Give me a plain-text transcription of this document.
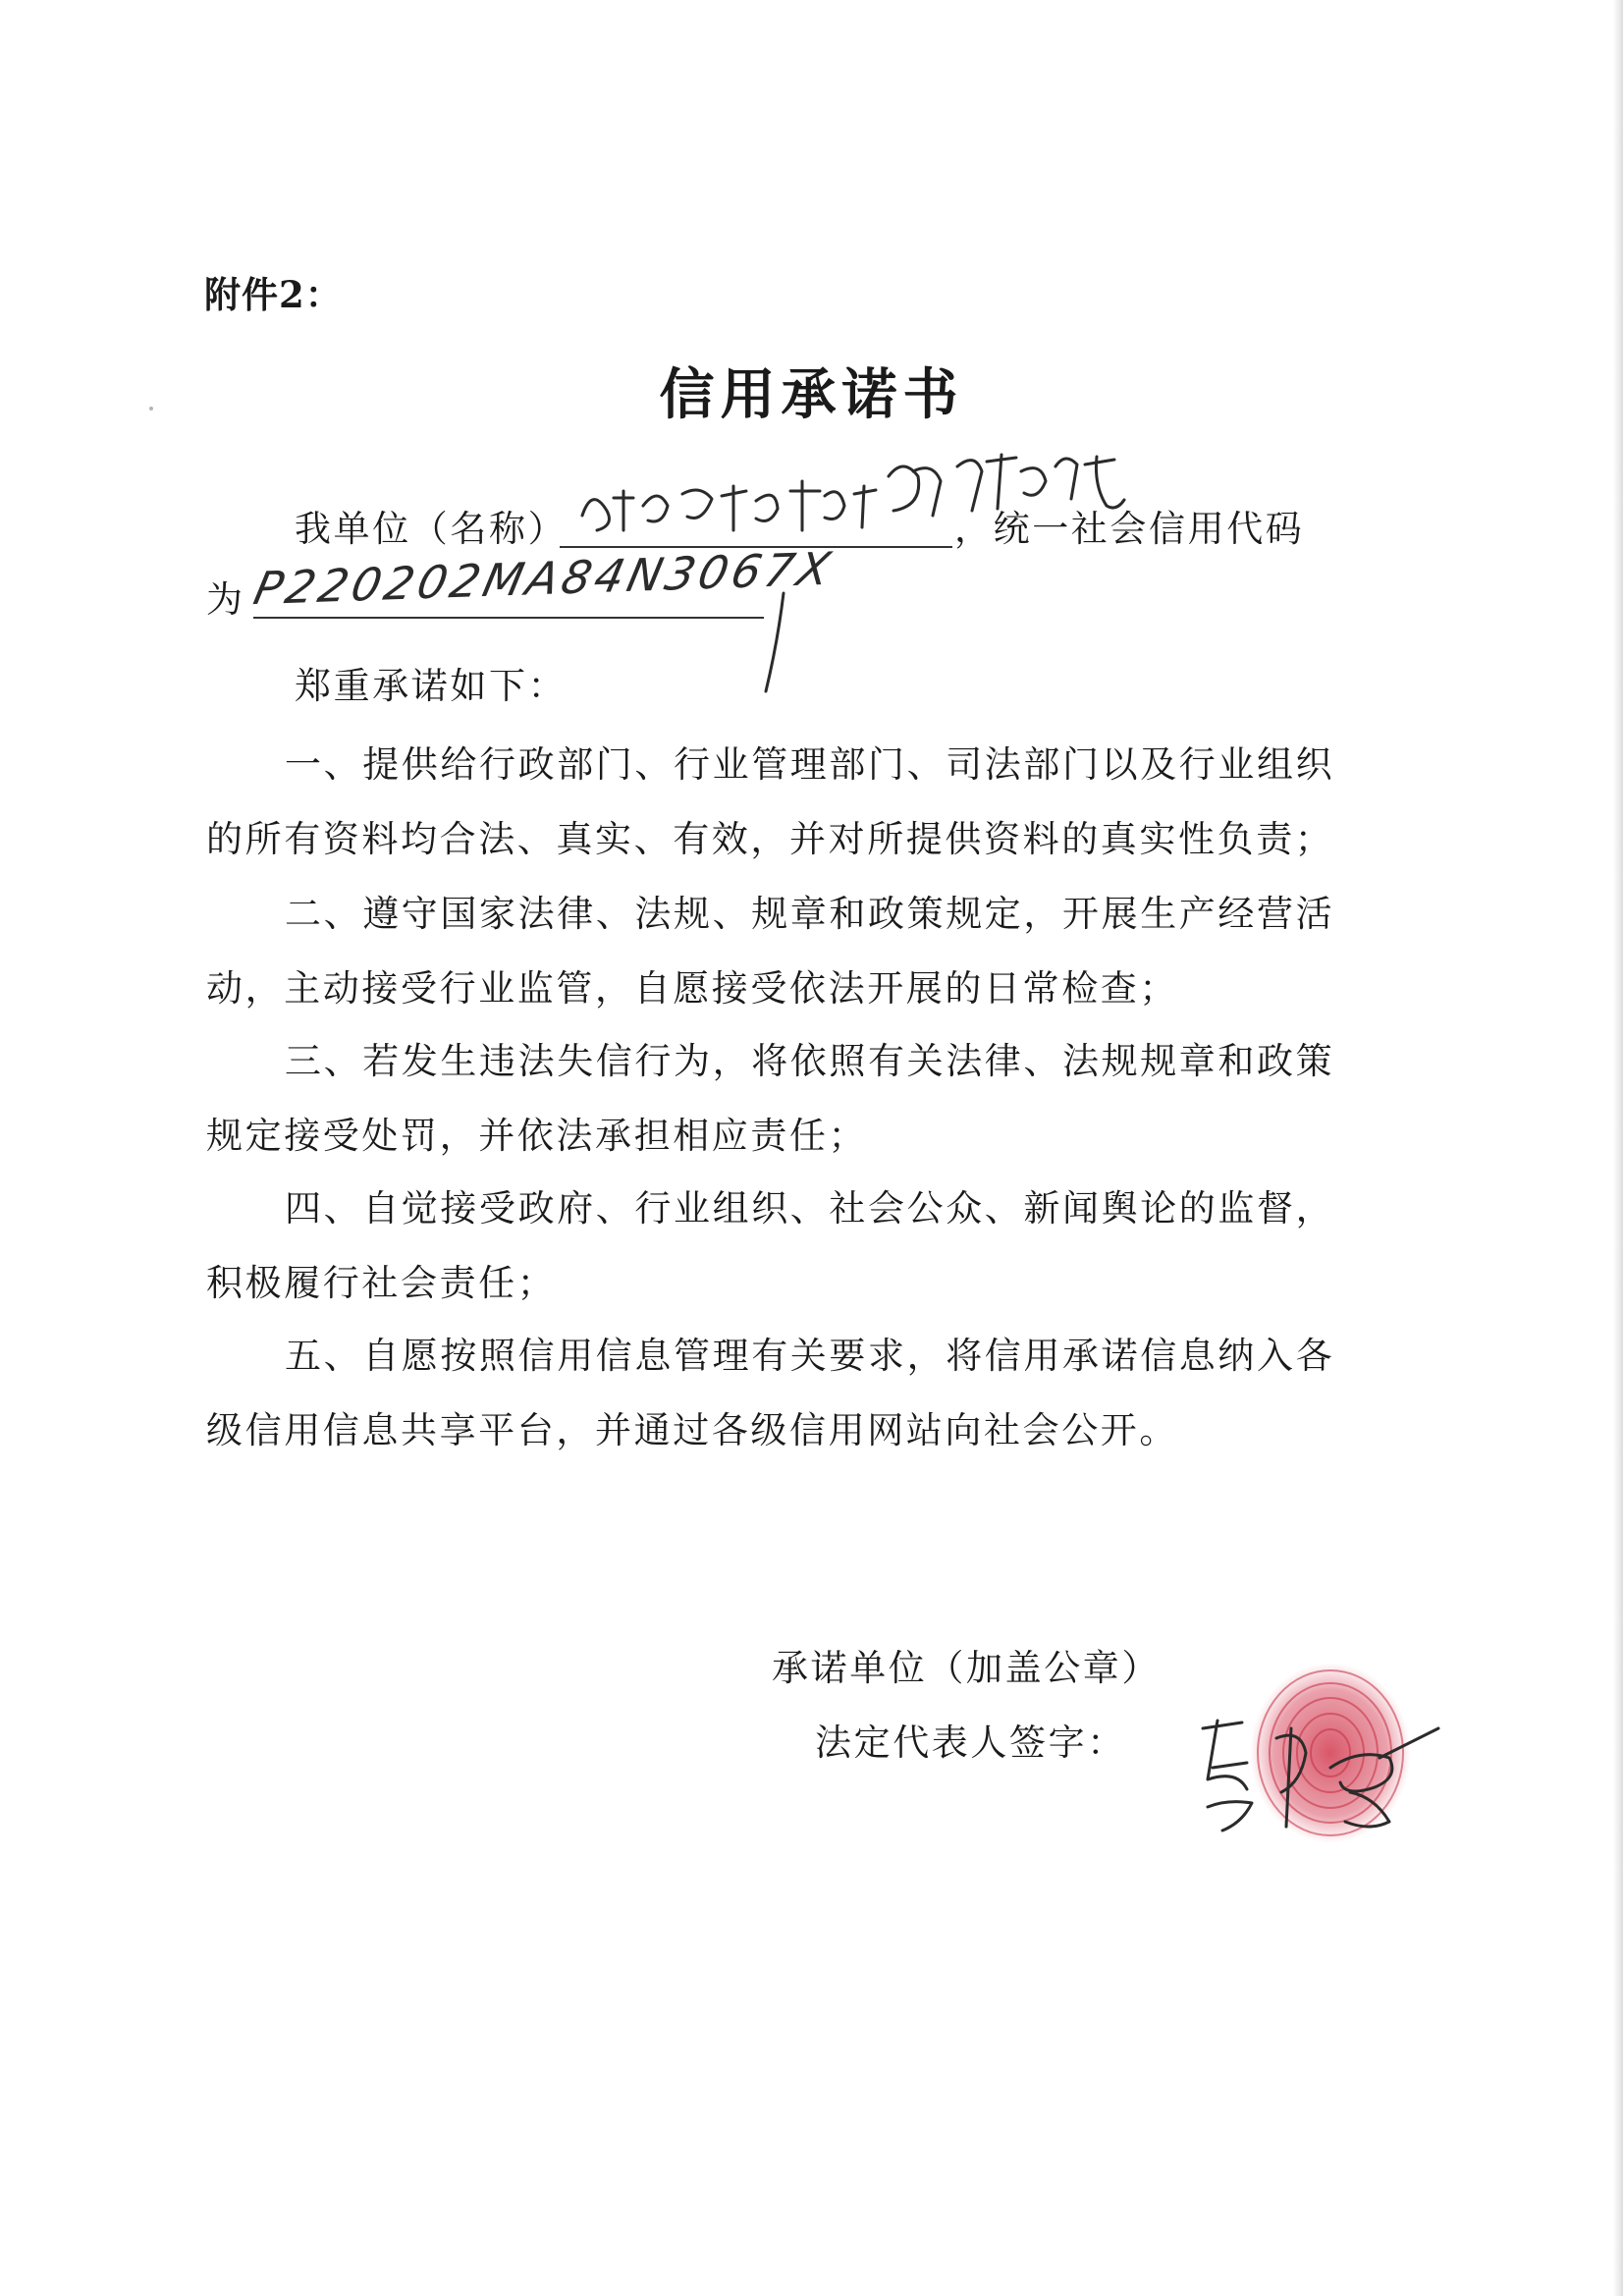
附件2：
信用承诺书
我单位（名称）	，统一社会信用代码
为 P220202MA84N3067X
郑重承诺如下：
一、提供给行政部门、行业管理部门、司法部门以及行业组织
的所有资料均合法、真实、有效，并对所提供资料的真实性负责；
二、遵守国家法律、法规、规章和政策规定，开展生产经营活
动，主动接受行业监管，自愿接受依法开展的日常检查；
三、若发生违法失信行为，将依照有关法律、法规规章和政策
规定接受处罚，并依法承担相应责任；
四、自觉接受政府、行业组织、社会公众、新闻舆论的监督，
积极履行社会责任；
五、自愿按照信用信息管理有关要求，将信用承诺信息纳入各
级信用信息共享平台，并通过各级信用网站向社会公开。
承诺单位（加盖公章）
法定代表人签字：
